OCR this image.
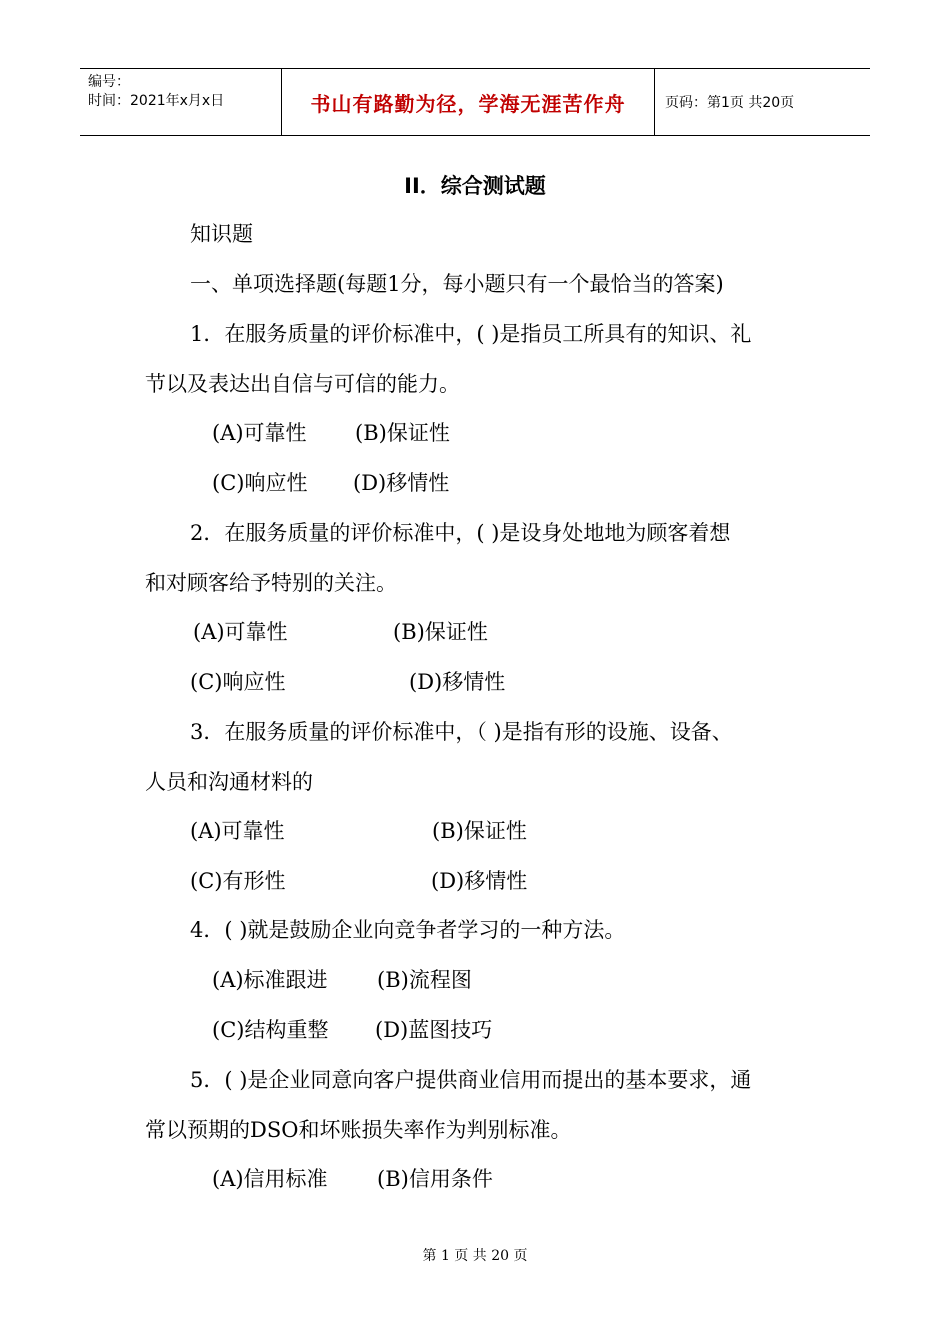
编号：
时间：2021年x月x日	书山有路勤为径，学海无涯苦作舟	页码：第1页 共20页
II．综合测试题
知识题
一、单项选择题(每题1分，每小题只有一个最恰当的答案)
1．在服务质量的评价标准中，( )是指员工所具有的知识、礼
节以及表达出自信与可信的能力。
(A)可靠性 (B)保证性
(C)响应性 (D)移情性
2．在服务质量的评价标准中，( )是设身处地地为顾客着想
和对顾客给予特别的关注。
(A)可靠性	(B)保证性
(C)响应性	(D)移情性
3．在服务质量的评价标准中，（ )是指有形的设施、设备、
人员和沟通材料的
(A)可靠性	(B)保证性
(C)有形性	(D)移情性
4．( )就是鼓励企业向竞争者学习的一种方法。
(A)标准跟进 (B)流程图
(C)结构重整 (D)蓝图技巧
5．( )是企业同意向客户提供商业信用而提出的基本要求，通
常以预期的DSO和坏账损失率作为判别标准。
(A)信用标准 (B)信用条件
第 1 页 共 20 页
